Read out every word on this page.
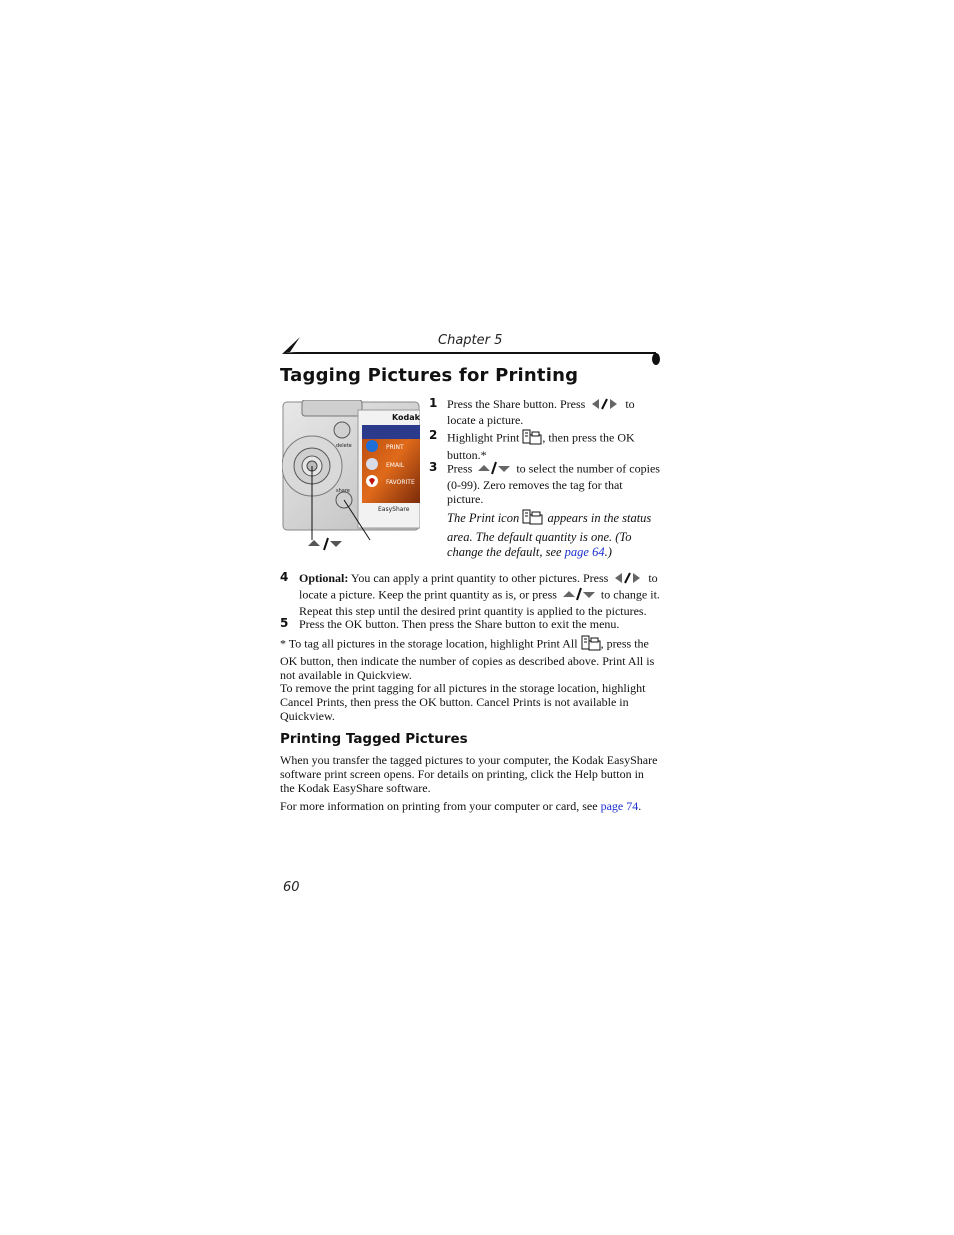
Chapter 5
Tagging Pictures for Printing
Kodak
PRINT
EMAIL
FAVORITE
EasyShare
delete
share
1 Press the Share button. Press	to
locate a picture.
2 Highlight Print , then press the OK
button.*
3 Press	to select the number of copies
(0-99). Zero removes the tag for that
picture.
The Print icon appears in the status
area. The default quantity is one. (To
change the default, see page 64.)
4 Optional: You can apply a print quantity to other pictures. Press	to
locate a picture. Keep the print quantity as is, or press	to change it.
Repeat this step until the desired print quantity is applied to the pictures.
5 Press the OK button. Then press the Share button to exit the menu.
* To tag all pictures in the storage location, highlight Print All , press the
OK button, then indicate the number of copies as described above. Print All is
not available in Quickview.
To remove the print tagging for all pictures in the storage location, highlight
Cancel Prints, then press the OK button. Cancel Prints is not available in
Quickview.
Printing Tagged Pictures
When you transfer the tagged pictures to your computer, the Kodak EasyShare
software print screen opens. For details on printing, click the Help button in
the Kodak EasyShare software.
For more information on printing from your computer or card, see page 74.
60
